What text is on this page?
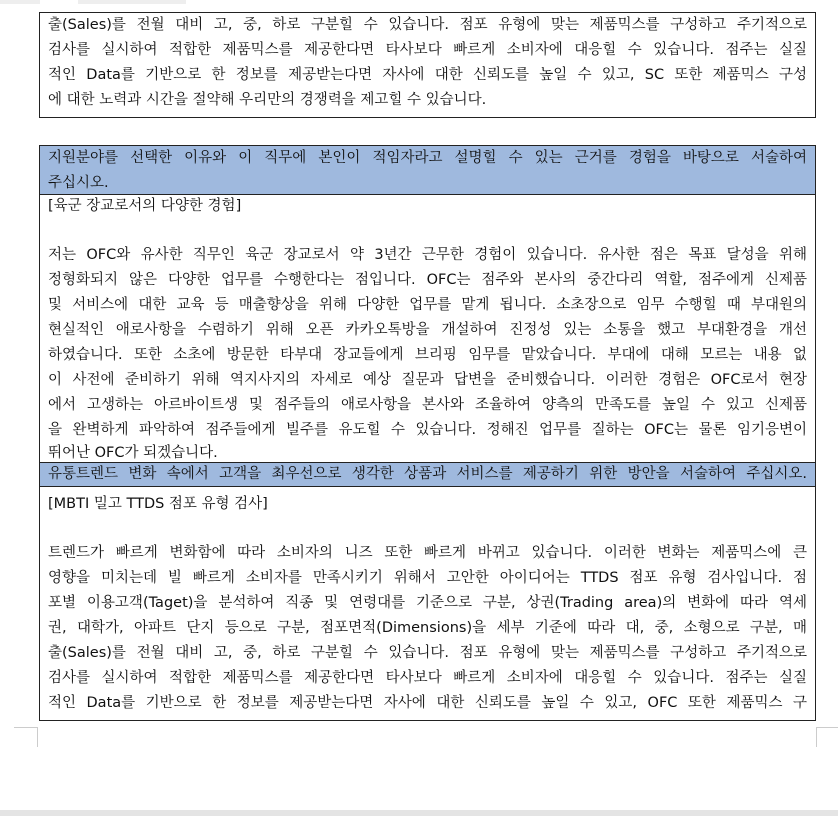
출(Sales)를 전월 대비 고, 중, 하로 구분힐 수 있습니다. 점포 유형에 맞는 제품믹스를 구성하고 주기적으로
검사를 실시하여 적합한 제품믹스를 제공한다면 타사보다 빠르게 소비자에 대응힐 수 있습니다. 점주는 실질
적인 Data를 기반으로 한 정보를 제공받는다면 자사에 대한 신뢰도를 높일 수 있고, SC 또한 제품믹스 구성
에 대한 노력과 시간을 절약해 우리만의 경쟁력을 제고힐 수 있습니다.
지원분야를 선택한 이유와 이 직무에 본인이 적임자라고 설명힐 수 있는 근거를 경험을 바탕으로 서술하여
주십시오.
[육군 장교로서의 다양한 경험]
저는 OFC와 유사한 직무인 육군 장교로서 약 3년간 근무한 경험이 있습니다. 유사한 점은 목표 달성을 위해
정형화되지 않은 다양한 업무를 수행한다는 점입니다. OFC는 점주와 본사의 중간다리 역할, 점주에게 신제품
및 서비스에 대한 교육 등 매출향상을 위해 다양한 업무를 맡게 됩니다. 소초장으로 임무 수행힐 때 부대원의
현실적인 애로사항을 수렴하기 위해 오픈 카카오톡방을 개설하여 진정성 있는 소통을 했고 부대환경을 개선
하였습니다. 또한 소초에 방문한 타부대 장교들에게 브리핑 임무를 맡았습니다. 부대에 대해 모르는 내용 없
이 사전에 준비하기 위해 역지사지의 자세로 예상 질문과 답변을 준비했습니다. 이러한 경험은 OFC로서 현장
에서 고생하는 아르바이트생 및 점주들의 애로사항을 본사와 조율하여 양측의 만족도를 높일 수 있고 신제품
을 완벽하게 파악하여 점주들에게 빌주를 유도힐 수 있습니다. 정해진 업무를 질하는 OFC는 물론 임기응변이
뛰어난 OFC가 되겠습니다.
유통트렌드 변화 속에서 고객을 최우선으로 생각한 상품과 서비스를 제공하기 위한 방안을 서술하여 주십시오.
[MBTI 밀고 TTDS 점포 유형 검사]
트렌드가 빠르게 변화함에 따라 소비자의 니즈 또한 빠르게 바뀌고 있습니다. 이러한 변화는 제품믹스에 큰
영향을 미치는데 빌 빠르게 소비자를 만족시키기 위해서 고안한 아이디어는 TTDS 점포 유형 검사입니다. 점
포별 이용고객(Taget)을 분석하여 직종 및 연령대를 기준으로 구분, 상권(Trading area)의 변화에 따라 역세
권, 대학가, 아파트 단지 등으로 구분, 점포면적(Dimensions)을 세부 기준에 따라 대, 중, 소형으로 구분, 매
출(Sales)를 전월 대비 고, 중, 하로 구분힐 수 있습니다. 점포 유형에 맞는 제품믹스를 구성하고 주기적으로
검사를 실시하여 적합한 제품믹스를 제공한다면 타사보다 빠르게 소비자에 대응힐 수 있습니다. 점주는 실질
적인 Data를 기반으로 한 정보를 제공받는다면 자사에 대한 신뢰도를 높일 수 있고, OFC 또한 제품믹스 구
